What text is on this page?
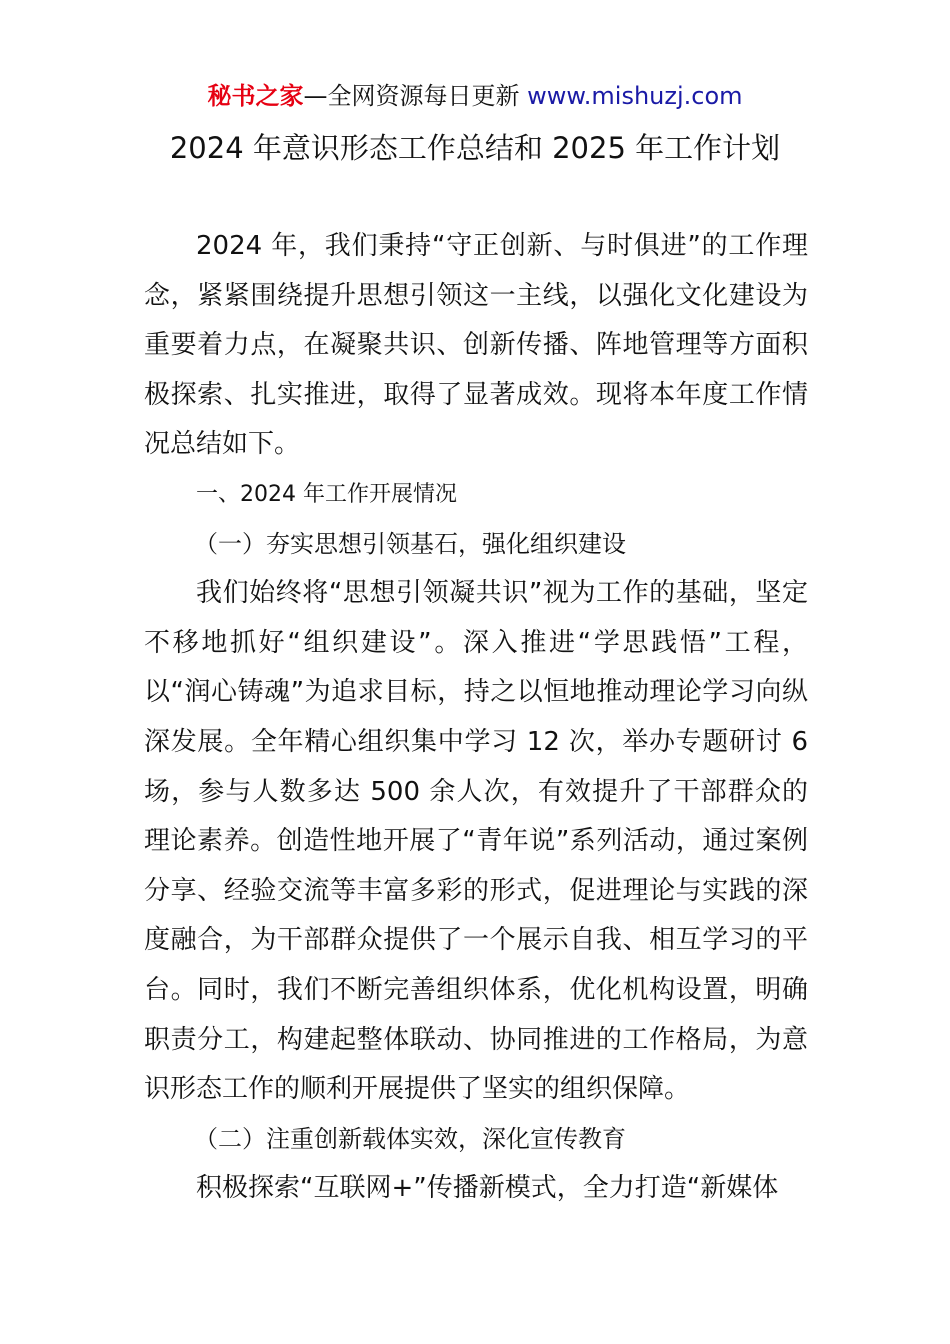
秘书之家—全网资源每日更新 www.mishuzj.com
2024 年意识形态工作总结和 2025 年工作计划

2024 年，我们秉持“守正创新、与时俱进”的工作理念，紧紧围绕提升思想引领这一主线，以强化文化建设为重要着力点，在凝聚共识、创新传播、阵地管理等方面积极探索、扎实推进，取得了显著成效。现将本年度工作情况总结如下。

一、2024 年工作开展情况

（一）夯实思想引领基石，强化组织建设

我们始终将“思想引领凝共识”视为工作的基础，坚定不移地抓好“组织建设”。深入推进“学思践悟”工程，以“润心铸魂”为追求目标，持之以恒地推动理论学习向纵深发展。全年精心组织集中学习 12 次，举办专题研讨 6 场，参与人数多达 500 余人次，有效提升了干部群众的理论素养。创造性地开展了“青年说”系列活动，通过案例分享、经验交流等丰富多彩的形式，促进理论与实践的深度融合，为干部群众提供了一个展示自我、相互学习的平台。同时，我们不断完善组织体系，优化机构设置，明确职责分工，构建起整体联动、协同推进的工作格局，为意识形态工作的顺利开展提供了坚实的组织保障。

（二）注重创新载体实效，深化宣传教育

积极探索“互联网+”传播新模式，全力打造“新媒体
